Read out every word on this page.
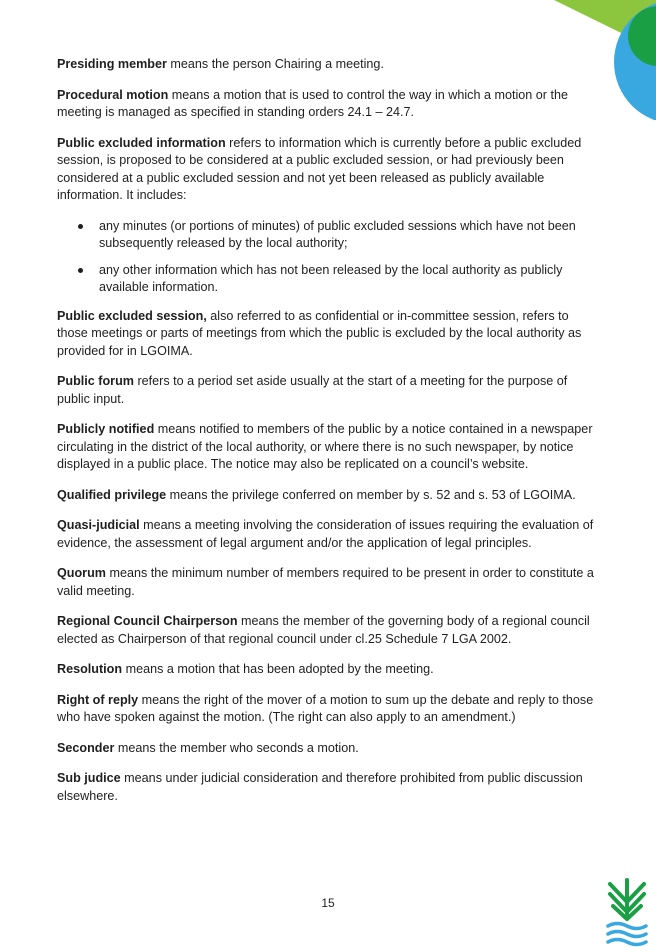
Presiding member means the person Chairing a meeting.

Procedural motion means a motion that is used to control the way in which a motion or the meeting is managed as specified in standing orders 24.1 – 24.7.

Public excluded information refers to information which is currently before a public excluded session, is proposed to be considered at a public excluded session, or had previously been considered at a public excluded session and not yet been released as publicly available information. It includes:

any minutes (or portions of minutes) of public excluded sessions which have not been subsequently released by the local authority;
any other information which has not been released by the local authority as publicly available information.

Public excluded session, also referred to as confidential or in-committee session, refers to those meetings or parts of meetings from which the public is excluded by the local authority as provided for in LGOIMA.

Public forum refers to a period set aside usually at the start of a meeting for the purpose of public input.

Publicly notified means notified to members of the public by a notice contained in a newspaper circulating in the district of the local authority, or where there is no such newspaper, by notice displayed in a public place. The notice may also be replicated on a council’s website.

Qualified privilege means the privilege conferred on member by s. 52 and s. 53 of LGOIMA.

Quasi-judicial means a meeting involving the consideration of issues requiring the evaluation of evidence, the assessment of legal argument and/or the application of legal principles.

Quorum means the minimum number of members required to be present in order to constitute a valid meeting.

Regional Council Chairperson means the member of the governing body of a regional council elected as Chairperson of that regional council under cl.25 Schedule 7 LGA 2002.

Resolution means a motion that has been adopted by the meeting.

Right of reply means the right of the mover of a motion to sum up the debate and reply to those who have spoken against the motion. (The right can also apply to an amendment.)

Seconder means the member who seconds a motion.

Sub judice means under judicial consideration and therefore prohibited from public discussion elsewhere.

15
